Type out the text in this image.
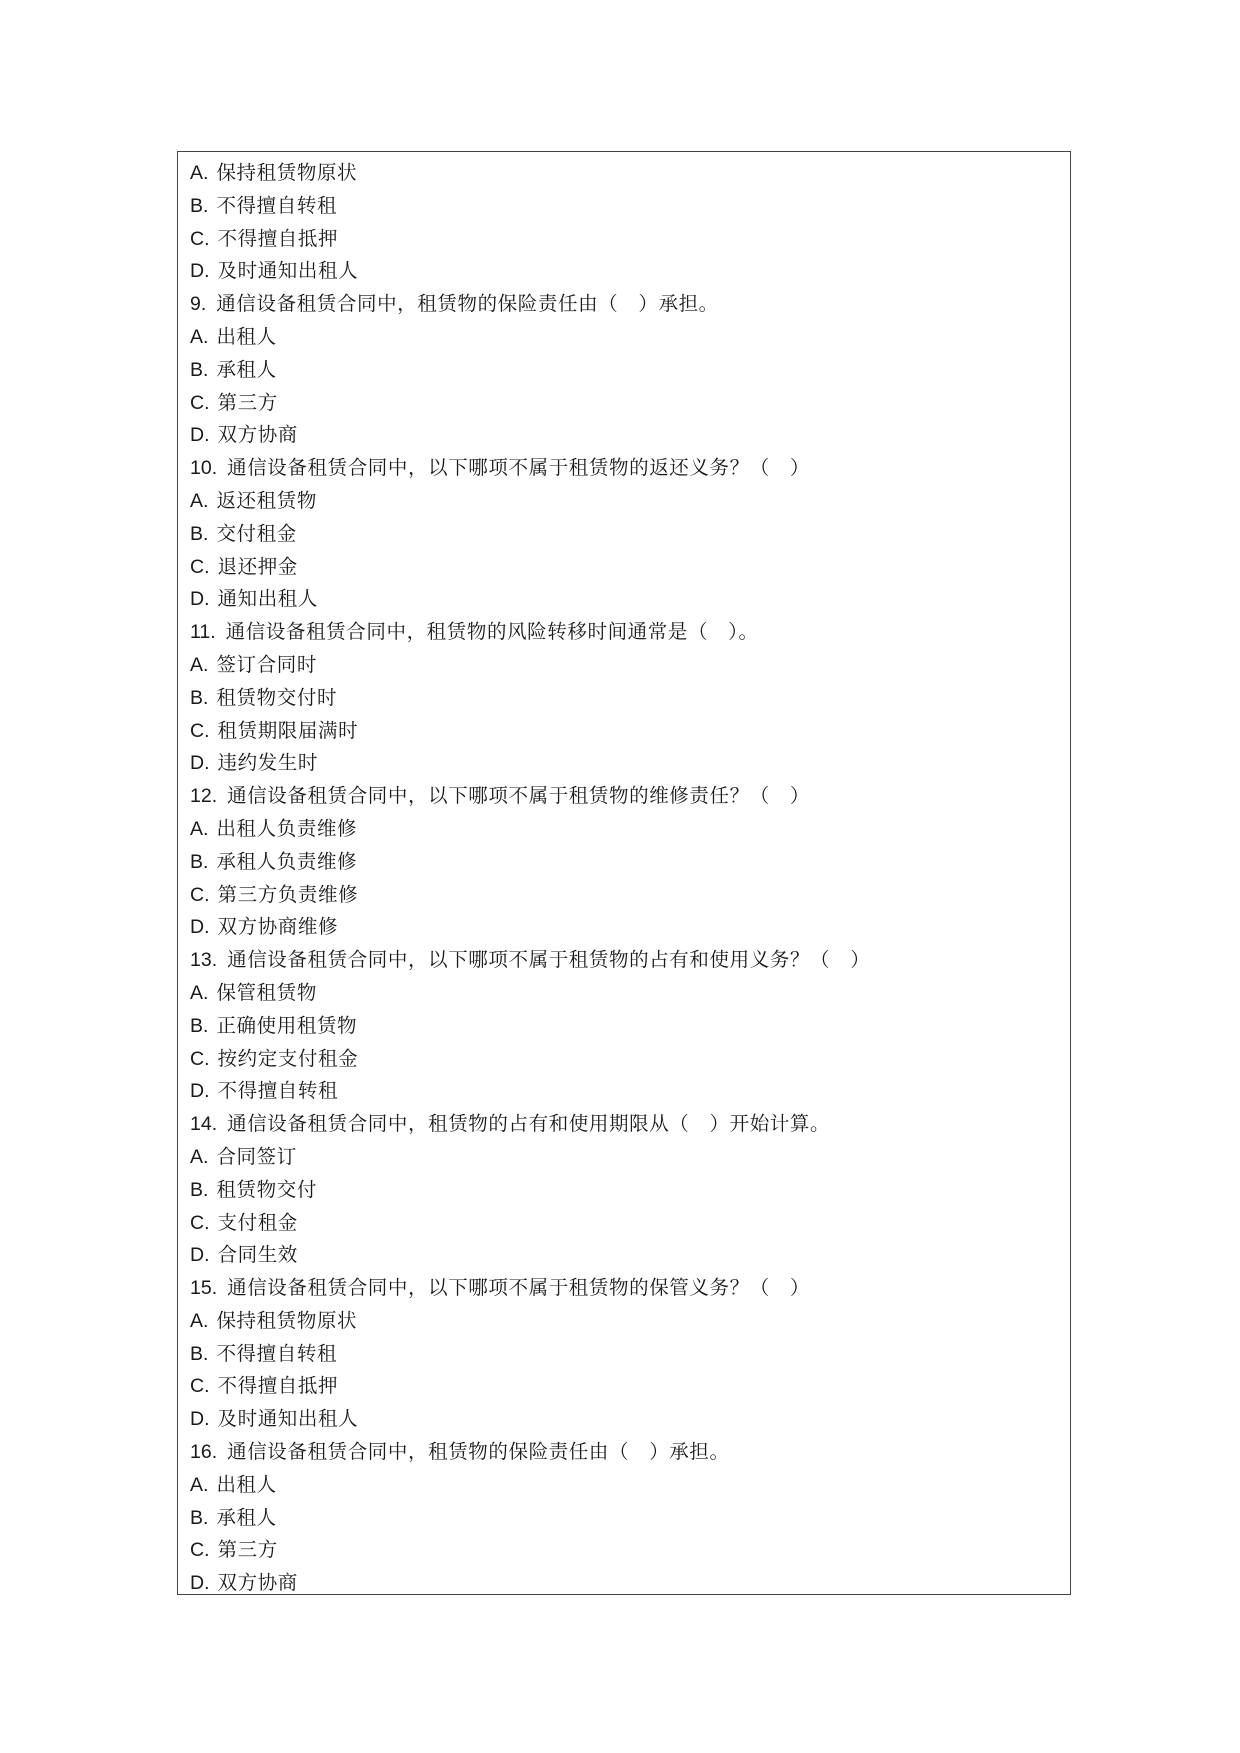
A. 保持租赁物原状
B. 不得擅自转租
C. 不得擅自抵押
D. 及时通知出租人
9. 通信设备租赁合同中，租赁物的保险责任由（　）承担。
A. 出租人
B. 承租人
C. 第三方
D. 双方协商
10. 通信设备租赁合同中，以下哪项不属于租赁物的返还义务？（　）
A. 返还租赁物
B. 交付租金
C. 退还押金
D. 通知出租人
11. 通信设备租赁合同中，租赁物的风险转移时间通常是（　）。
A. 签订合同时
B. 租赁物交付时
C. 租赁期限届满时
D. 违约发生时
12. 通信设备租赁合同中，以下哪项不属于租赁物的维修责任？（　）
A. 出租人负责维修
B. 承租人负责维修
C. 第三方负责维修
D. 双方协商维修
13. 通信设备租赁合同中，以下哪项不属于租赁物的占有和使用义务？（　）
A. 保管租赁物
B. 正确使用租赁物
C. 按约定支付租金
D. 不得擅自转租
14. 通信设备租赁合同中，租赁物的占有和使用期限从（　）开始计算。
A. 合同签订
B. 租赁物交付
C. 支付租金
D. 合同生效
15. 通信设备租赁合同中，以下哪项不属于租赁物的保管义务？（　）
A. 保持租赁物原状
B. 不得擅自转租
C. 不得擅自抵押
D. 及时通知出租人
16. 通信设备租赁合同中，租赁物的保险责任由（　）承担。
A. 出租人
B. 承租人
C. 第三方
D. 双方协商
